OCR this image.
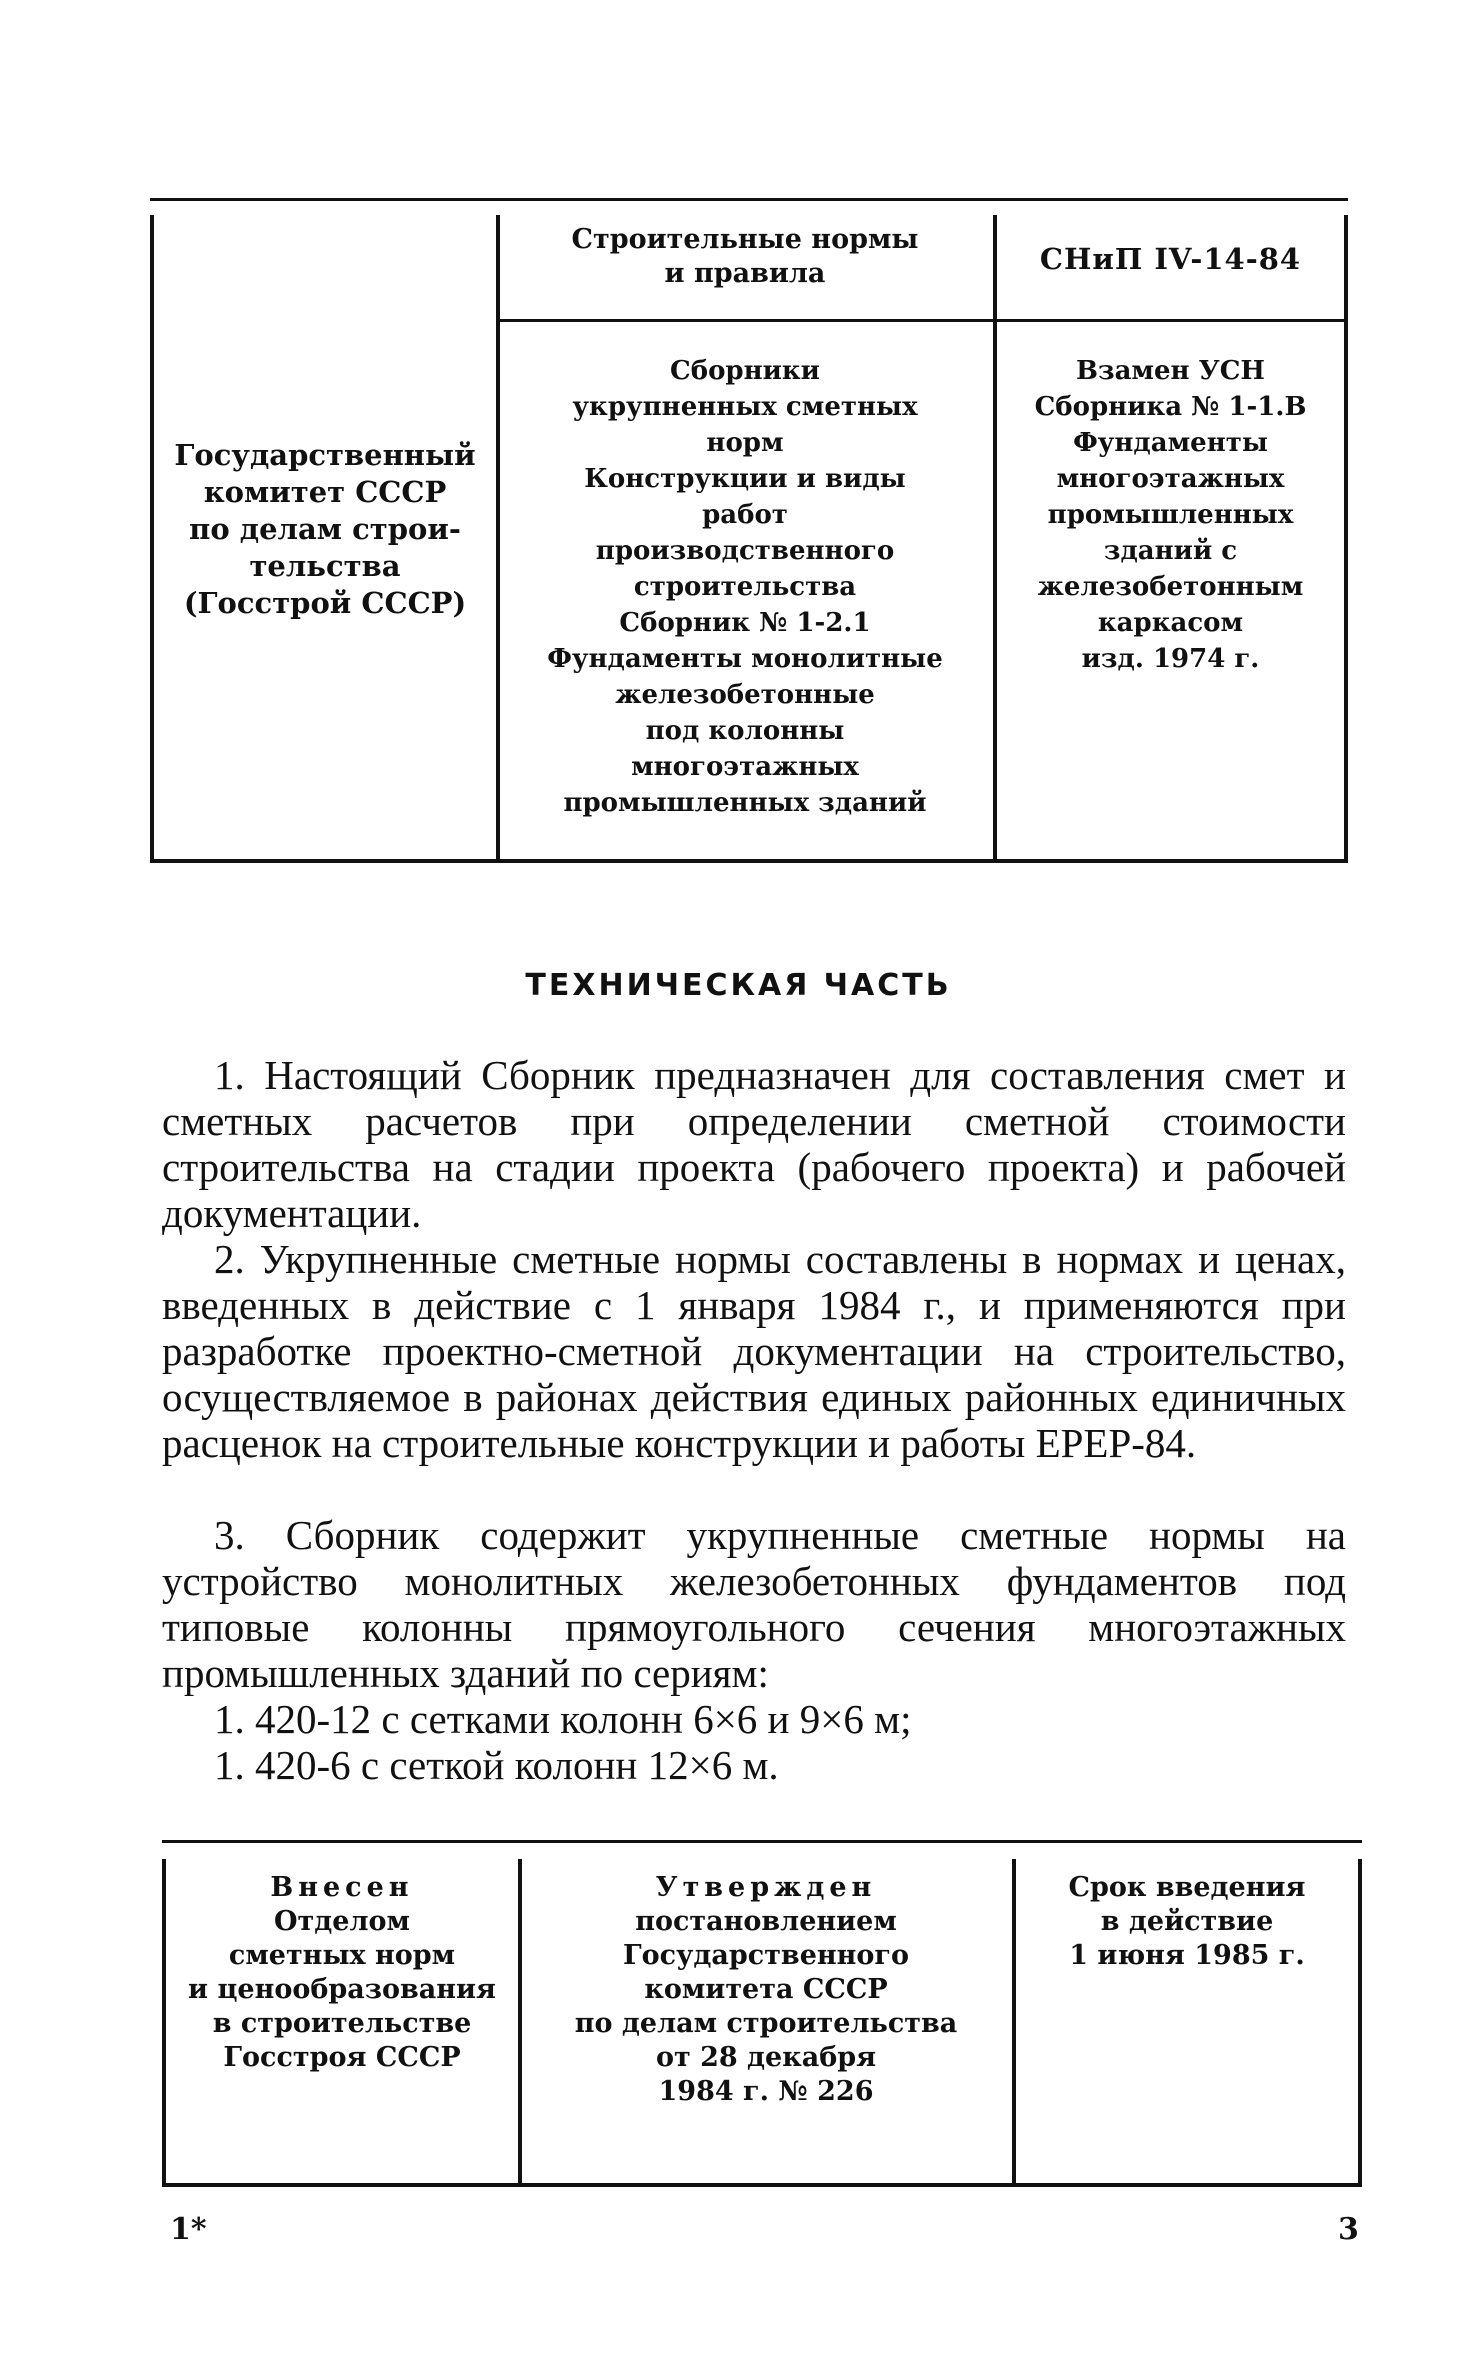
Государственный
комитет СССР
по делам строи-
тельства
(Госстрой СССР)
Строительные нормы
и правила	СНиП IV-14-84
Сборники
укрупненных сметных
норм
Конструкции и виды
работ
производственного
строительства
Сборник № 1-2.1
Фундаменты монолитные
железобетонные
под колонны
многоэтажных
промышленных зданий
Взамен УСН
Сборника № 1-1.В
Фундаменты
многоэтажных
промышленных
зданий с
железобетонным
каркасом
изд. 1974 г.
ТЕХНИЧЕСКАЯ ЧАСТЬ

1. Настоящий Сборник предназначен для составления смет и сметных расчетов при определении сметной стоимости строительства на стадии проекта (рабочего проекта) и рабочей документации.

2. Укрупненные сметные нормы составлены в нормах и ценах, введенных в действие с 1 января 1984 г., и применяются при разработке проектно-сметной документации на строительство, осуществляемое в районах действия единых районных единичных расценок на строительные конструкции и работы ЕРЕР-84.

3. Сборник содержит укрупненные сметные нормы на устройство монолитных железобетонных фундаментов под типовые колонны прямоугольного сечения многоэтажных промышленных зданий по сериям:

1. 420-12 с сетками колонн 6×6 и 9×6 м;
1. 420-6 с сеткой колонн 12×6 м.
Внесен
Отделом
сметных норм
и ценообразования
в строительстве
Госстроя СССР
Утвержден
постановлением
Государственного
комитета СССР
по делам строительства
от 28 декабря
1984 г. № 226
Срок введения
в действие
1 июня 1985 г.
1*	3
